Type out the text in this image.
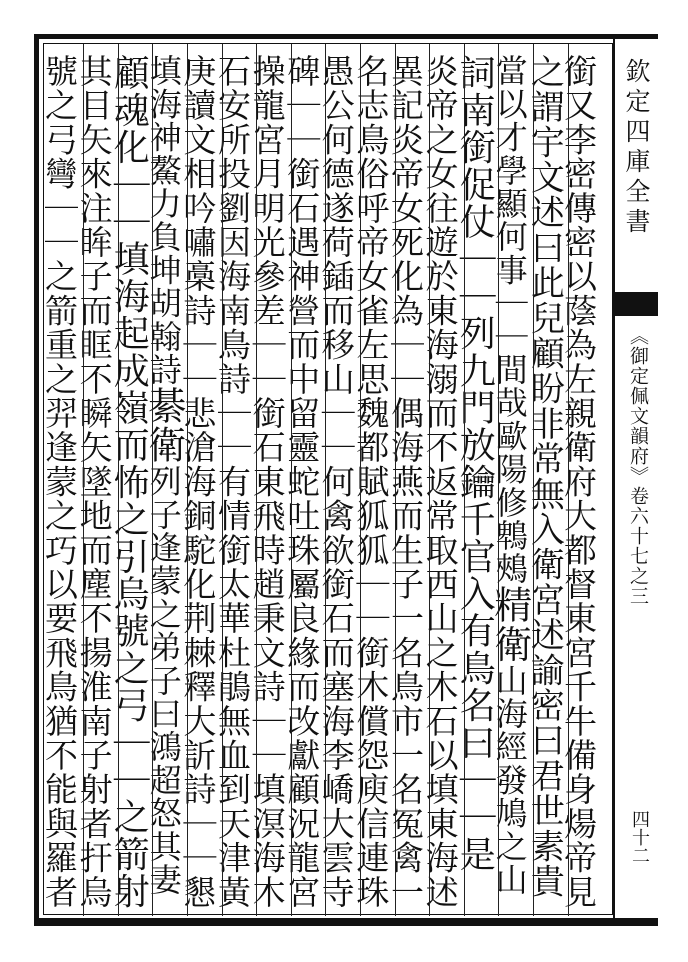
欽定四庫全書
《御定佩文韻府》卷六十七之三
四十二
銜又李密傳密以蔭為左親衛府大都督東宮千牛備身煬帝見
之謂宇文述曰此兒顧盼非常無入衛宮述諭密曰君世素貴
當以才學顯何事｜｜間哉歐陽修鵯鵊精衛山海經發鳩之山
詞南銜促仗｜｜列九門放鑰千官入有鳥名曰｜｜是
炎帝之女往遊於東海溺而不返常取西山之木石以填東海述
異記炎帝女死化為｜｜偶海燕而生子一名鳥市一名冤禽一
名志鳥俗呼帝女雀左思魏都賦狐狐｜｜銜木償怨庾信連珠
愚公何德遂荷鍤而移山｜｜何禽欲銜石而塞海李嶠大雲寺
碑｜｜銜石遇神營而中留靈蛇吐珠屬良緣而改獻顧況龍宮
操龍宮月明光參差｜｜銜石東飛時趙秉文詩｜｜填溟海木
石安所投劉因海南鳥詩｜｜有情銜太華杜鵑無血到天津黃
庚讀文相吟嘯槀詩｜｜悲滄海銅駝化荆棘釋大訢詩｜｜懇
填海神鰲力負坤胡翰詩綦衛列子逢蒙之弟子曰鴻超怒其妻
顧魂化｜｜填海起成嶺而怖之引烏號之弓｜｜之箭射
其目矢來注眸子而眶不瞬矢墜地而塵不揚淮南子射者扞烏
號之弓彎｜｜之箭重之羿逢蒙之巧以要飛鳥猶不能與羅者
